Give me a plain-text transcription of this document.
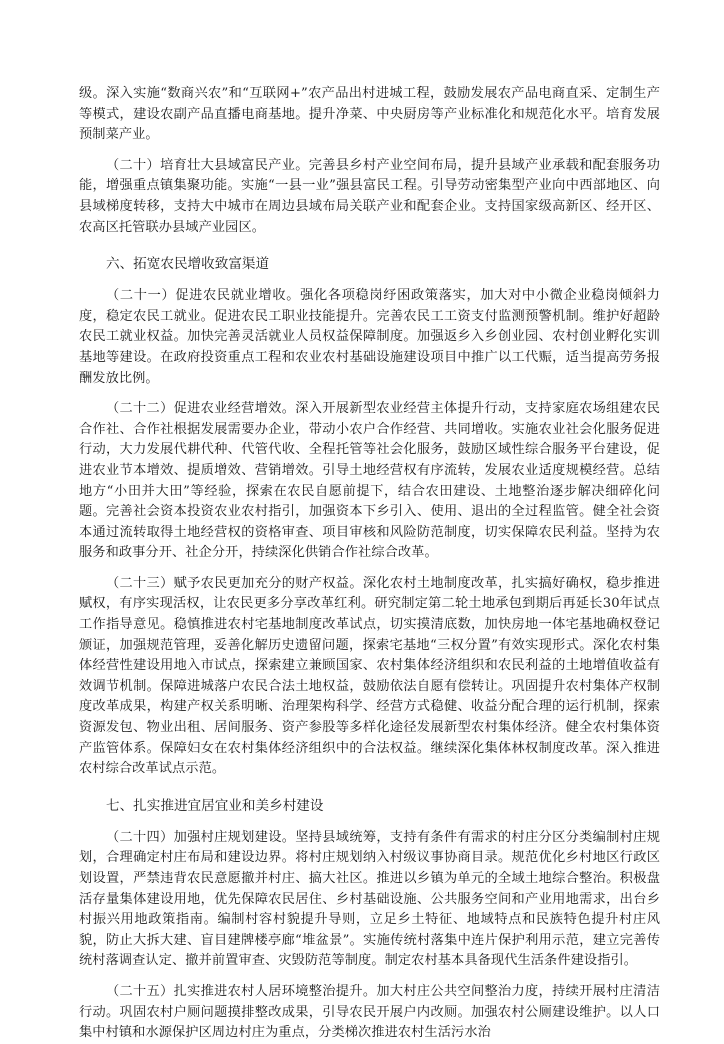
级。深入实施“数商兴农”和“互联网+”农产品出村进城工程，鼓励发展农产品电商直采、定制生产等模式，建设农副产品直播电商基地。提升净菜、中央厨房等产业标准化和规范化水平。培育发展预制菜产业。

（二十）培育壮大县域富民产业。完善县乡村产业空间布局，提升县域产业承载和配套服务功能，增强重点镇集聚功能。实施“一县一业”强县富民工程。引导劳动密集型产业向中西部地区、向县域梯度转移，支持大中城市在周边县域布局关联产业和配套企业。支持国家级高新区、经开区、农高区托管联办县域产业园区。

六、拓宽农民增收致富渠道

（二十一）促进农民就业增收。强化各项稳岗纾困政策落实，加大对中小微企业稳岗倾斜力度，稳定农民工就业。促进农民工职业技能提升。完善农民工工资支付监测预警机制。维护好超龄农民工就业权益。加快完善灵活就业人员权益保障制度。加强返乡入乡创业园、农村创业孵化实训基地等建设。在政府投资重点工程和农业农村基础设施建设项目中推广以工代赈，适当提高劳务报酬发放比例。

（二十二）促进农业经营增效。深入开展新型农业经营主体提升行动，支持家庭农场组建农民合作社、合作社根据发展需要办企业，带动小农户合作经营、共同增收。实施农业社会化服务促进行动，大力发展代耕代种、代管代收、全程托管等社会化服务，鼓励区域性综合服务平台建设，促进农业节本增效、提质增效、营销增效。引导土地经营权有序流转，发展农业适度规模经营。总结地方“小田并大田”等经验，探索在农民自愿前提下，结合农田建设、土地整治逐步解决细碎化问题。完善社会资本投资农业农村指引，加强资本下乡引入、使用、退出的全过程监管。健全社会资本通过流转取得土地经营权的资格审查、项目审核和风险防范制度，切实保障农民利益。坚持为农服务和政事分开、社企分开，持续深化供销合作社综合改革。

（二十三）赋予农民更加充分的财产权益。深化农村土地制度改革，扎实搞好确权，稳步推进赋权，有序实现活权，让农民更多分享改革红利。研究制定第二轮土地承包到期后再延长30年试点工作指导意见。稳慎推进农村宅基地制度改革试点，切实摸清底数，加快房地一体宅基地确权登记颁证，加强规范管理，妥善化解历史遗留问题，探索宅基地“三权分置”有效实现形式。深化农村集体经营性建设用地入市试点，探索建立兼顾国家、农村集体经济组织和农民利益的土地增值收益有效调节机制。保障进城落户农民合法土地权益，鼓励依法自愿有偿转让。巩固提升农村集体产权制度改革成果，构建产权关系明晰、治理架构科学、经营方式稳健、收益分配合理的运行机制，探索资源发包、物业出租、居间服务、资产参股等多样化途径发展新型农村集体经济。健全农村集体资产监管体系。保障妇女在农村集体经济组织中的合法权益。继续深化集体林权制度改革。深入推进农村综合改革试点示范。

七、扎实推进宜居宜业和美乡村建设

（二十四）加强村庄规划建设。坚持县域统筹，支持有条件有需求的村庄分区分类编制村庄规划，合理确定村庄布局和建设边界。将村庄规划纳入村级议事协商目录。规范优化乡村地区行政区划设置，严禁违背农民意愿撤并村庄、搞大社区。推进以乡镇为单元的全域土地综合整治。积极盘活存量集体建设用地，优先保障农民居住、乡村基础设施、公共服务空间和产业用地需求，出台乡村振兴用地政策指南。编制村容村貌提升导则，立足乡土特征、地域特点和民族特色提升村庄风貌，防止大拆大建、盲目建牌楼亭廊“堆盆景”。实施传统村落集中连片保护利用示范，建立完善传统村落调查认定、撤并前置审查、灾毁防范等制度。制定农村基本具备现代生活条件建设指引。

（二十五）扎实推进农村人居环境整治提升。加大村庄公共空间整治力度，持续开展村庄清洁行动。巩固农村户厕问题摸排整改成果，引导农民开展户内改厕。加强农村公厕建设维护。以人口集中村镇和水源保护区周边村庄为重点，分类梯次推进农村生活污水治
